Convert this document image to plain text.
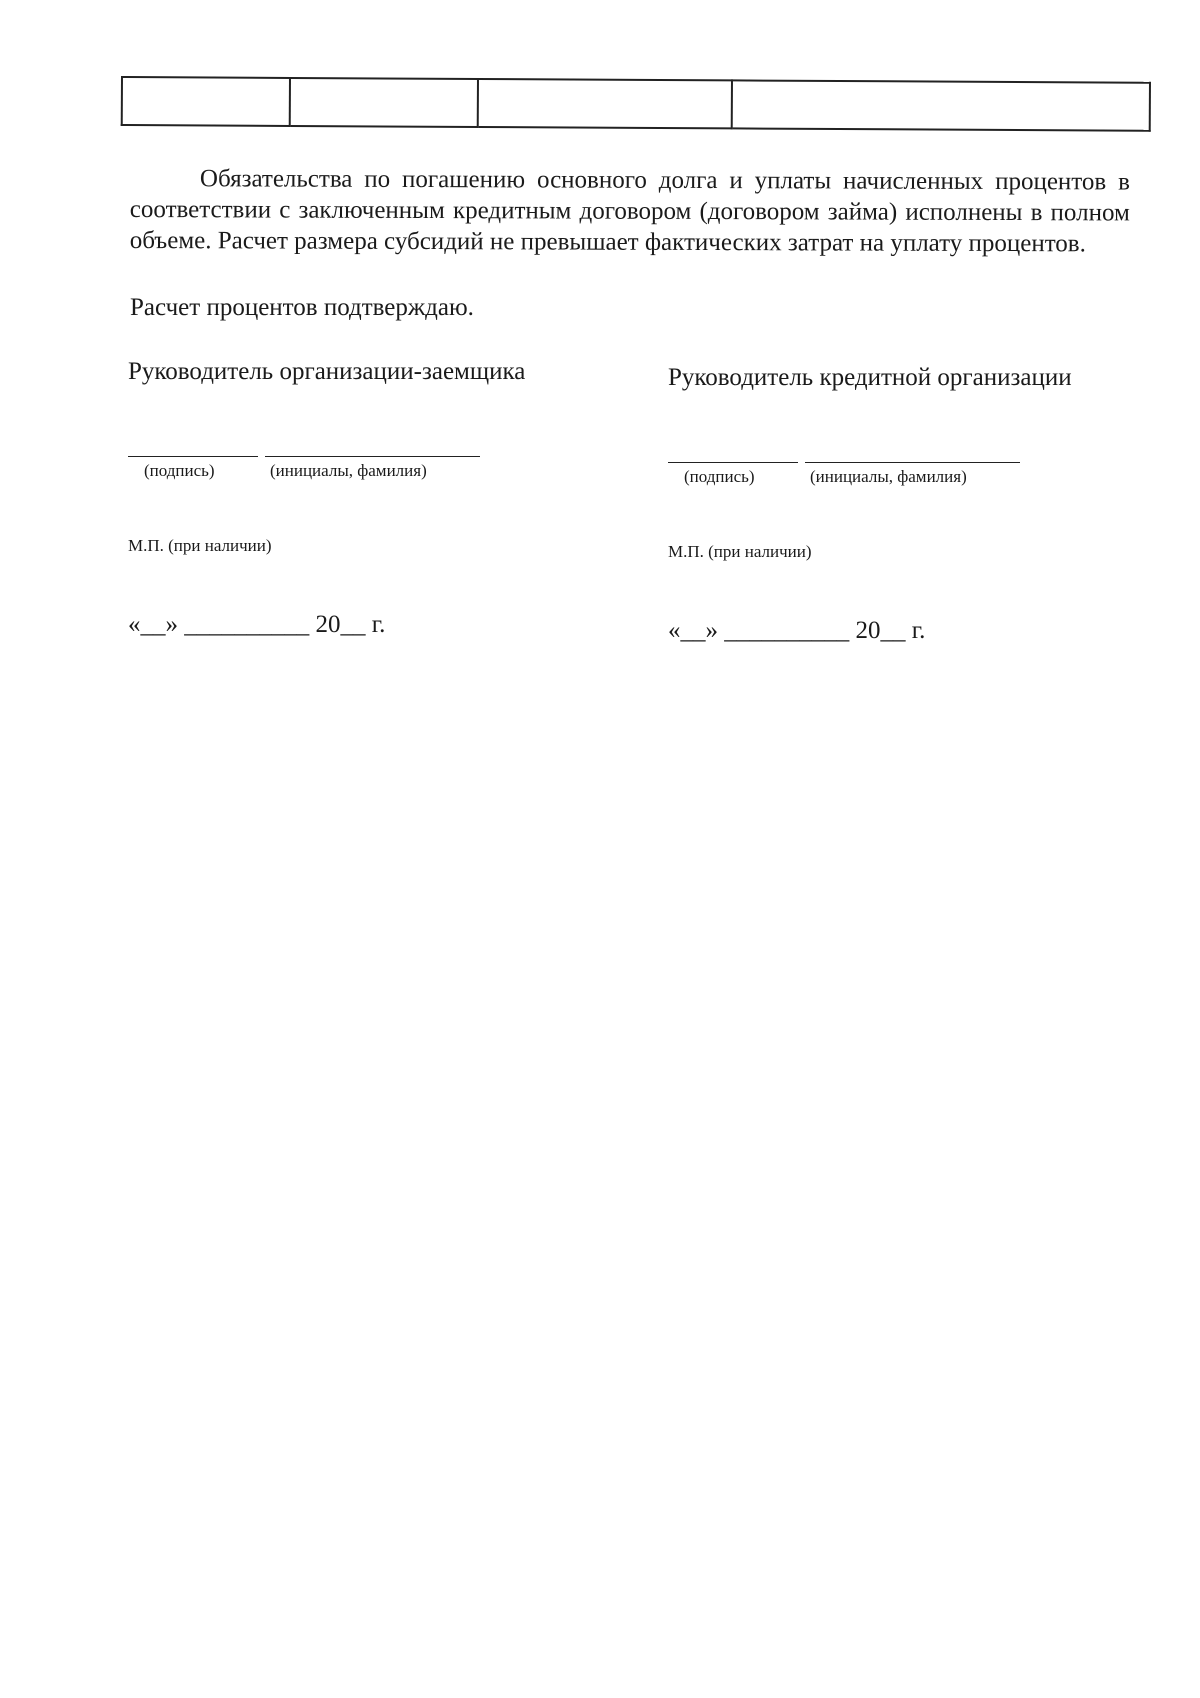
Обязательства по погашению основного долга и уплаты начисленных процентов в соответствии с заключенным кредитным договором (договором займа) исполнены в полном объеме. Расчет размера субсидий не превышает фактических затрат на уплату процентов.

Расчет процентов подтверждаю.

Руководитель организации-заемщика

(подпись)	(инициалы, фамилия)
М.П. (при наличии)
«__» __________ 20__ г.

Руководитель кредитной организации

(подпись)	(инициалы, фамилия)
М.П. (при наличии)
«__» __________ 20__ г.
